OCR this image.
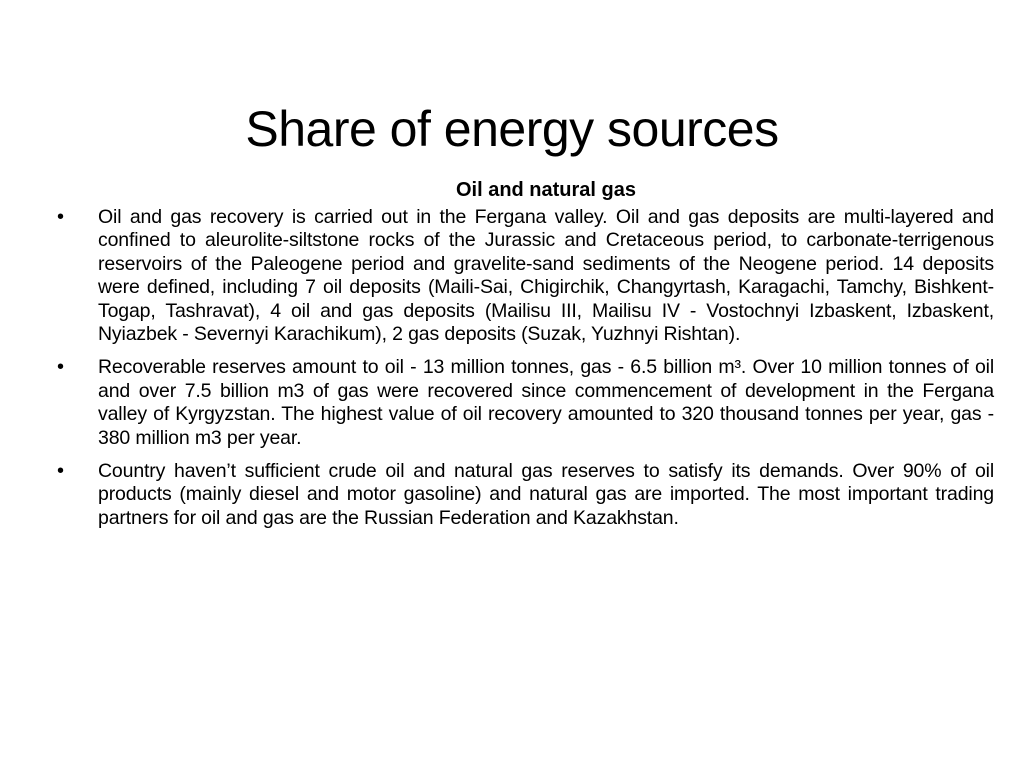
Share of energy sources
Oil and natural gas
• Oil and gas recovery is carried out in the Fergana valley. Oil and gas deposits are multi-layered and confined to aleurolite-siltstone rocks of the Jurassic and Cretaceous period, to carbonate-terrigenous reservoirs of the Paleogene period and gravelite-sand sediments of the Neogene period. 14 deposits were defined, including 7 oil deposits (Maili-Sai, Chigirchik, Changyrtash, Karagachi, Tamchy, Bishkent-Togap, Tashravat), 4 oil and gas deposits (Mailisu III, Mailisu IV - Vostochnyi Izbaskent, Izbaskent, Nyiazbek - Severnyi Karachikum), 2 gas deposits (Suzak, Yuzhnyi Rishtan).
• Recoverable reserves amount to oil - 13 million tonnes, gas - 6.5 billion m³. Over 10 million tonnes of oil and over 7.5 billion m3 of gas were recovered since commencement of development in the Fergana valley of Kyrgyzstan. The highest value of oil recovery amounted to 320 thousand tonnes per year, gas - 380 million m3 per year.
• Country haven’t sufficient crude oil and natural gas reserves to satisfy its demands. Over 90% of oil products (mainly diesel and motor gasoline) and natural gas are imported. The most important trading partners for oil and gas are the Russian Federation and Kazakhstan.
